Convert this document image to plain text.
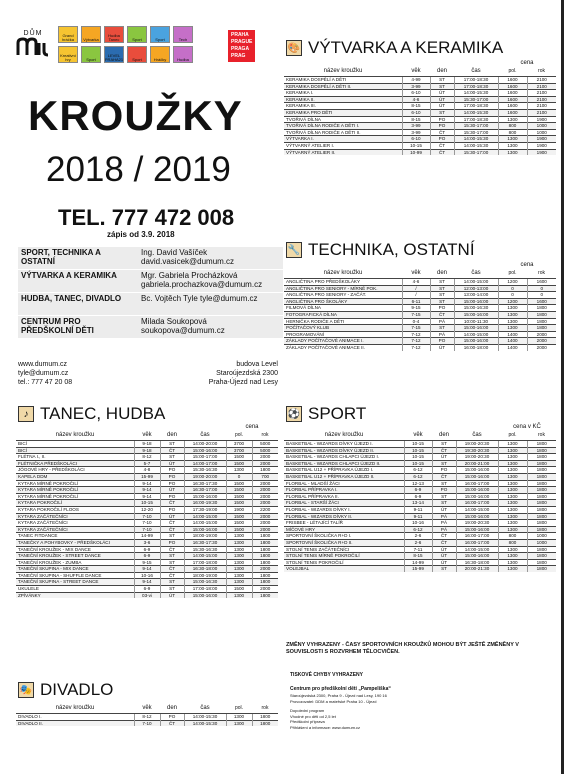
DŮM	Grand hráčka	Výtvarka
Hudba Tanec	Sport	Sport	Tech
Kreativní hry	Sport
LEVEL PRAHA21	Sport	Hráčky	Hudba
PRAHA
PRAGUE
PRAGA
PRAG
KROUŽKY
2018 / 2019
TEL. 777 472 008
zápis od 3.9. 2018
SPORT, TECHNIKA A OSTATNÍ
Ing. David Vašíček david.vasicek@dumum.cz
VÝTVARKA A KERAMIKA	Mgr. Gabriela Procházková gabriela.prochazkova@dumum.cz
HUDBA, TANEC, DIVADLO	Bc. Vojtěch Tyle tyle@dumum.cz
CENTRUM PRO PŘEDŠKOLNÍ DĚTI
Milada Soukopová soukopova@dumum.cz
www.dumum.cz
tyle@dumum.cz
tel.: 777 47 20 08
budova Level
Staroújezdská 2300
Praha-Újezd nad Lesy
🎨 VÝTVARKA A KERAMIKA
				cena	
název kroužku	věk	den	čas	pol.	rok
KERAMIKA DOSPĚLÍ A DĚTI	4-99	ST	17:00-18:30	1600	2100
KERAMIKA DOSPĚLÍ A DĚTI II.	3-99	ST	17:00-18:30	1600	2100
KERAMIKA I.	6-10	ÚT	14:00-15:30	1600	2100
KERAMIKA II.	4-6	ÚT	15:30-17:00	1600	2100
KERAMIKA III.	8-15	ÚT	17:00-18:30	1600	2100
KERAMIKA PRO DĚTI	6-10	ST	14:00-15:30	1600	2100
TVOŘIVÁ DÍLNA	8-15	PO	17:00-18:30	1300	1900
TVOŘIVÁ DÍLNA RODIČE A DĚTI I.	3-99	PO	15:30-17:00	800	1000
TVOŘIVÁ DÍLNA RODIČE A DĚTI II.	3-99	ČT	15:30-17:00	800	1000
VÝTVARKA I.	6-10	PO	14:00-15:30	1300	1900
VÝTVARNÝ ATELIER I.	10-15	ČT	14:00-15:30	1300	1900
VÝTVARNÝ ATELIER II.	10-99	ČT	15:30-17:00	1300	1900
🔧 TECHNIKA, OSTATNÍ
				cena	
název kroužku	věk	den	čas	pol.	rok
ANGLIČTINA PRO PŘEDŠKOLÁKY	4-6	ST	14:00-15:00	1200	1600
ANGLIČTINA PRO SENIORY - MÍRNĚ POK.	/	ST	12:00-13:00	0	0
ANGLIČTINA PRO SENIORY - ZAČÁT.	/	ST	13:00-14:00	0	0
ANGLIČTINA PRO ŠKOLÁKY	6-11	ST	15:00-16:00	1200	1600
FILMOVÁ DÍLNA	9-15	PO	15:00-16:30	1300	1800
FOTOGRAFICKÁ DÍLNA	7-15	ČT	15:00-16:00	1300	1800
HERNIČKA RODIČE A DĚTI	0-4	PÁ	10:00-11:30	1300	1800
POČÍTAČOVÝ KLUB	7-15	ST	15:00-16:00	1300	1800
PROGRAMOVÁNÍ	7-12	PÁ	14:00-15:00	1400	2000
ZÁKLADY POČÍTAČOVÉ ANIMACE I.	7-12	PO	15:00-16:00	1400	2000
ZÁKLADY POČÍTAČOVÉ ANIMACE II.	7-12	ÚT	16:00-18:00	1400	2000
♪ TANEC, HUDBA
				cena	
název kroužku	věk	den	čas	pol.	rok
BICÍ	9-18	ST	14:00-20:00	3700	5000
BICÍ	9-18	ČT	15:00-16:00	3700	5000
FLÉTNA I., II.	8-12	ST	15:00-17:00	1500	2000
FLÉTNIČKA PŘEDŠKOLÁCI	5-7	ÚT	14:00-17:00	1500	2000
JÓGOVÉ HRY - PŘEDŠKOLÁCI	4-8	PO	15:30-16:30	1300	1800
KAPELA DDM	15-99	PO	19:00-20:00	0	700
KYTARA MÍRNĚ POKROČILÍ	9-14	PO	16:30-17:30	1500	2000
KYTARA MÍRNĚ POKROČILÍ	9-14	ÚT	16:30-17:00	1500	2000
KYTARA MÍRNĚ POKROČILÍ	9-14	PO	15:00-16:00	1500	2000
KYTARA POKROČILÍ	10-15	ČT	16:00-19:30	1500	2000
KYTARA POKROČILÍ FLOOS	12-20	PO	17:30-19:00	1900	2200
KYTARA ZAČÁTEČNÍCI	7-10	ÚT	14:00-15:00	1500	2000
KYTARA ZAČÁTEČNÍCI	7-10	ČT	14:00-15:00	1500	2000
KYTARA ZAČÁTEČNÍCI	7-10	ČT	15:00-16:00	1500	2000
TANEC FITDANCE	14-99	ST	18:00-19:00	1300	1800
TANEČKY A POHYBOVKY - PŘEDŠKOLÁCI	3-6	PO	16:30-17:30	1300	1800
TANEČNÍ KROUŽEK - MIX DANCE	6-9	ČT	15:30-16:30	1300	1800
TANEČNÍ KROUŽEK - STREET DANCE	6-9	ST	14:00-15:00	1300	1800
TANEČNÍ KROUŽEK - ZUMBA	9-15	ST	17:00-18:00	1300	1800
TANEČNÍ SKUPINA - MIX DANCE	9-14	ČT	16:30-18:00	1300	2000
TANEČNÍ SKUPINA - SHUFFLE DANCE	10-16	ČT	18:00-19:00	1300	1800
TANEČNÍ SKUPINA - STREET DANCE	9-14	ST	15:00-16:30	1300	1800
UKULELE	6-9	ST	17:00-18:00	1500	2000
ZPÍVÁNKY	03-vi	ÚT	15:00-16:00	1300	1800
⚽ SPORT
				cena v KČ	
název kroužku	věk	den	čas	pol.	rok
BASKETBAL - WIZARDS DÍVKY ÚJEZD I.	10-15	ST	19:00-20:30	1300	1800
BASKETBAL - WIZARDS DÍVKY ÚJEZD II.	10-15	ČT	19:30-20:30	1300	1800
BASKETBAL - WIZARDS CHLAPCI ÚJEZD I.	10-15	ÚT	19:00-20:30	1300	1800
BASKETBAL - WIZARDS CHLAPCI ÚJEZD II.	10-15	ST	20:00-21:00	1300	1800
BASKETBAL U12 + PŘÍPRAVKA ÚJEZD I.	6-12	PO	15:00-16:00	1300	1800
BASKETBAL U12 + PŘÍPRAVKA ÚJEZD II.	6-12	ČT	15:00-16:00	1300	1800
FLORBAL - MLADŠÍ ŽÁCI	12-13	ST	16:00-17:00	1300	1800
FLORBAL PŘÍPRAVKA I.	6-9	PO	15:00-16:00	1300	1800
FLORBAL PŘÍPRAVKA II.	6-9	ST	15:00-16:00	1300	1800
FLORBAL - STARŠÍ ŽÁCI	13-14	ST	16:00-17:00	1300	1800
FLORBAL - WIZARDS DÍVKY I.	9-11	ÚT	14:00-15:00	1300	1800
FLORBAL - WIZARDS DÍVKY II.	9-11	PÁ	15:00-16:00	1300	1800
FRISBEE - LÉTAJÍCÍ TALÍŘ	10-16	PÁ	19:00-20:30	1300	1800
MÍČOVÉ HRY	6-12	PÁ	15:00-16:00	1300	1800
SPORTOVNÍ ŠKOLIČKA R+D I.	2-6	ČT	16:00-17:00	800	1000
SPORTOVNÍ ŠKOLIČKA R+D II.	2-6	ČT	16:00-17:00	800	1000
STOLNÍ TENIS ZAČÁTEČNÍCI	7-11	ÚT	14:00-15:00	1300	1800
STOLNÍ TENIS MÍRNĚ POKROČILÍ	8-15	ÚT	15:00-16:00	1300	1800
STOLNÍ TENIS POKROČILÍ	14-99	ÚT	16:30-18:00	1300	1800
VOLEJBAL	15-99	ST	20:00-21:30	1300	1800
ZMĚNY VYHRAZENY - ČASY SPORTOVNÍCH KROUŽKŮ MOHOU BÝT JEŠTĚ ZMĚNĚNY V SOUVISLOSTI S ROZVRHEM TĚLOCVIČEN.
TISKOVÉ CHYBY VYHRAZENY
Centrum pro předškolní děti „Pampeliška“
Staroújezdská 2300, Praha 9 - Újezd nad Lesy, 190 16
Provozovatel: DDM a mateřské Praha 10 - Újezd
Dopolední program
Vhodné pro děti od 2,5 let
Předškolní příprava
Přihlášení a informace: www.dumum.cz
🎭 DIVADLO
název kroužku	věk	den	čas	pol.	rok
DIVADLO I.	8-12	PO	14:00-15:30	1300	1800
DIVADLO II.	7-10	ČT	14:00-15:30	1300	1800
